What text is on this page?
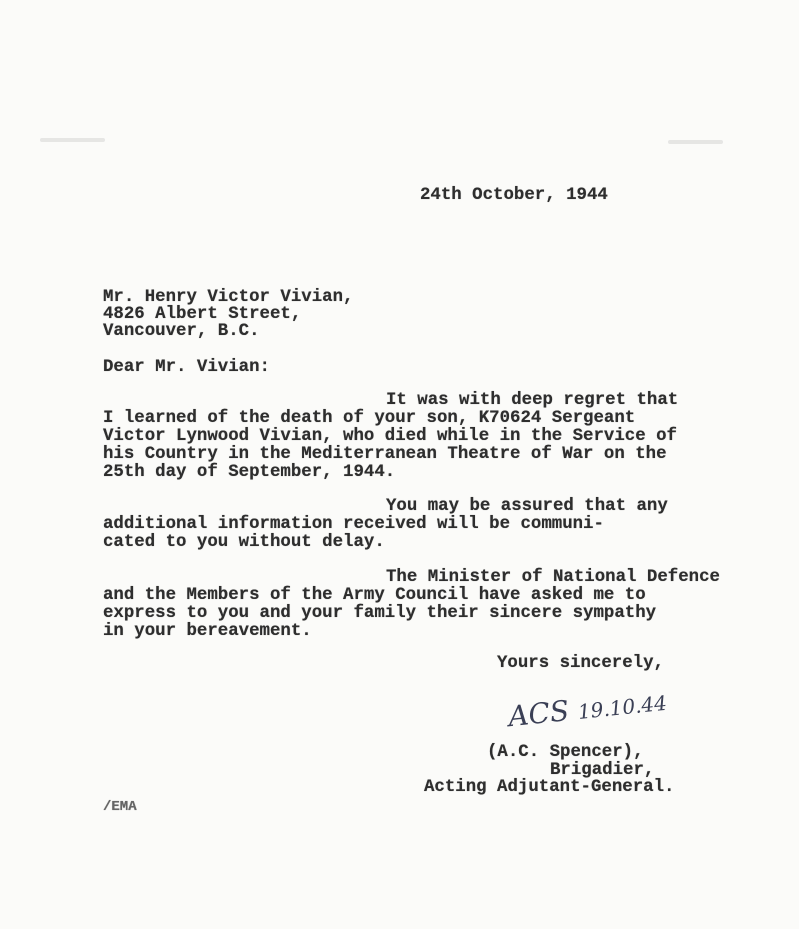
24th October, 1944
Mr. Henry Victor Vivian,
4826 Albert Street,
Vancouver, B.C.
Dear Mr. Vivian:
It was with deep regret that
I learned of the death of your son, K70624 Sergeant
Victor Lynwood Vivian, who died while in the Service of
his Country in the Mediterranean Theatre of War on the
25th day of September, 1944.
You may be assured that any
additional information received will be communi-
cated to you without delay.
The Minister of National Defence
and the Members of the Army Council have asked me to
express to you and your family their sincere sympathy
in your bereavement.
Yours sincerely,
ACS 19.10.44
(A.C. Spencer),
Brigadier,
Acting Adjutant-General.
/EMA
